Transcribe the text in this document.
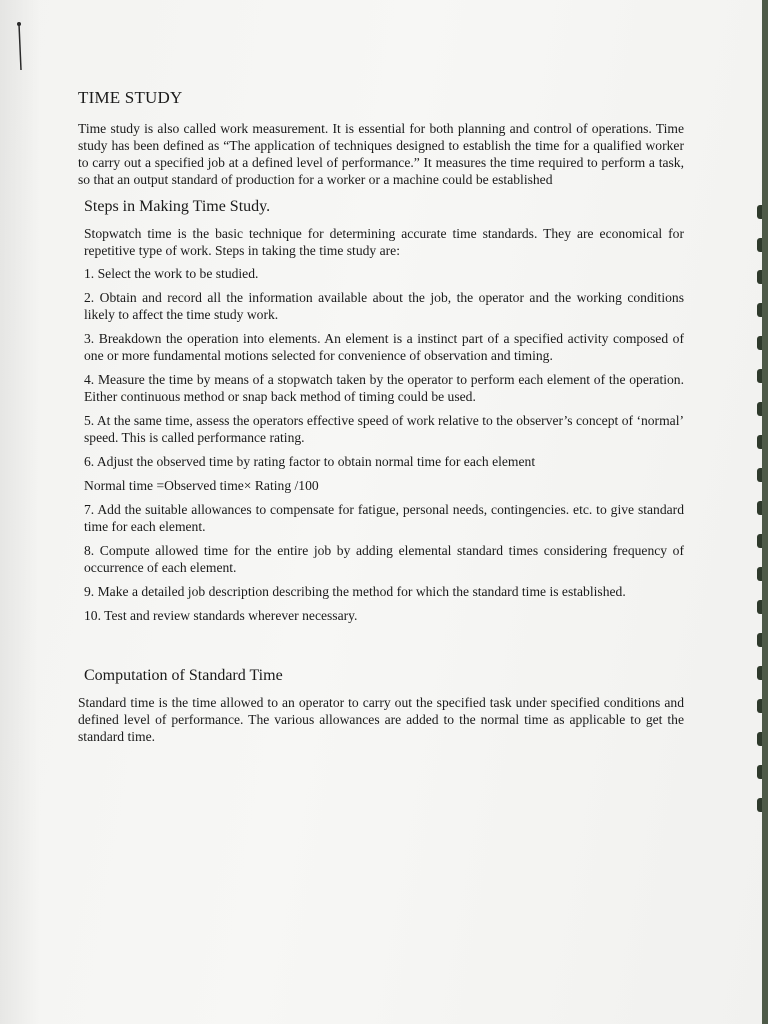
TIME STUDY

Time study is also called work measurement. It is essential for both planning and control of operations. Time study has been defined as “The application of techniques designed to establish the time for a qualified worker to carry out a specified job at a defined level of performance.” It measures the time required to perform a task, so that an output standard of production for a worker or a machine could be established

Steps in Making Time Study.

Stopwatch time is the basic technique for determining accurate time standards. They are economical for repetitive type of work. Steps in taking the time study are:

1. Select the work to be studied.

2. Obtain and record all the information available about the job, the operator and the working conditions likely to affect the time study work.

3. Breakdown the operation into elements. An element is a instinct part of a specified activity composed of one or more fundamental motions selected for convenience of observation and timing.

4. Measure the time by means of a stopwatch taken by the operator to perform each element of the operation. Either continuous method or snap back method of timing could be used.

5. At the same time, assess the operators effective speed of work relative to the observer’s concept of ‘normal’ speed. This is called performance rating.

6. Adjust the observed time by rating factor to obtain normal time for each element

Normal time =Observed time× Rating /100

7. Add the suitable allowances to compensate for fatigue, personal needs, contingencies. etc. to give standard time for each element.

8. Compute allowed time for the entire job by adding elemental standard times considering frequency of occurrence of each element.

9. Make a detailed job description describing the method for which the standard time is established.

10. Test and review standards wherever necessary.

Computation of Standard Time

Standard time is the time allowed to an operator to carry out the specified task under specified conditions and defined level of performance. The various allowances are added to the normal time as applicable to get the standard time.
